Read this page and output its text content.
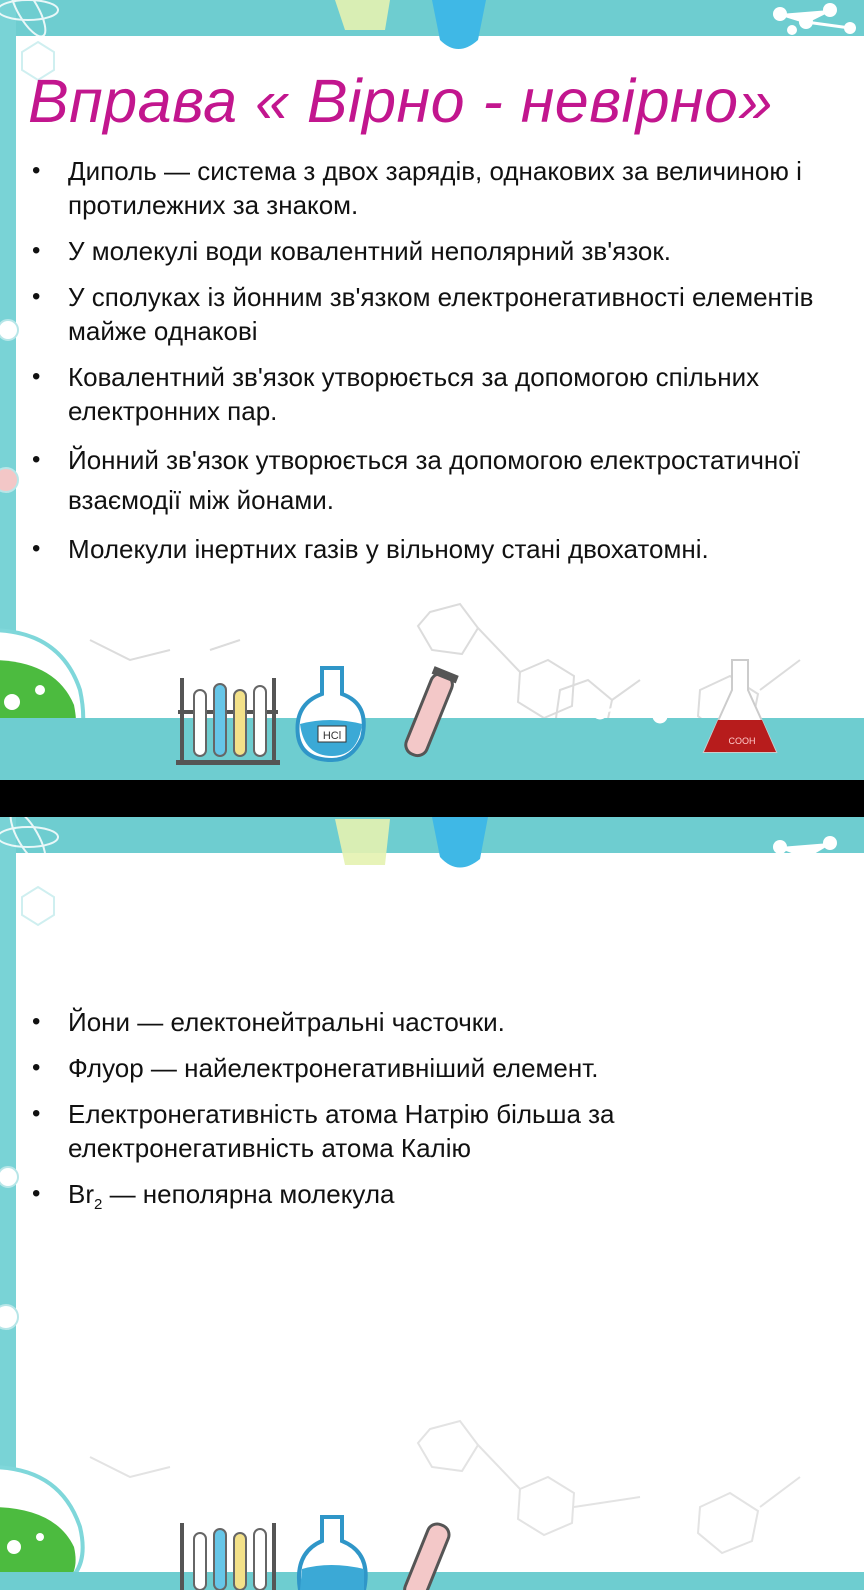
Вправа « Вірно - невірно»
• Диполь — система з двох зарядів, однакових за величиною і протилежних за знаком.
• У молекулі води ковалентний неполярний зв'язок.
• У сполуках із йонним зв'язком електронегативності елементів майже однакові
• Ковалентний зв'язок утворюється за допомогою спільних електронних пар.
• Йонний зв'язок утворюється за допомогою електростатичної взаємодії між йонами.
• Молекули інертних газів у вільному стані двохатомні.
HCl	COOH
• Йони — електонейтральні часточки.
• Флуор — найелектронегативніший елемент.
• Електронегативність атома Натрію більша за електронегативність атома Калію
• $Вr_2$ — неполярна молекула
